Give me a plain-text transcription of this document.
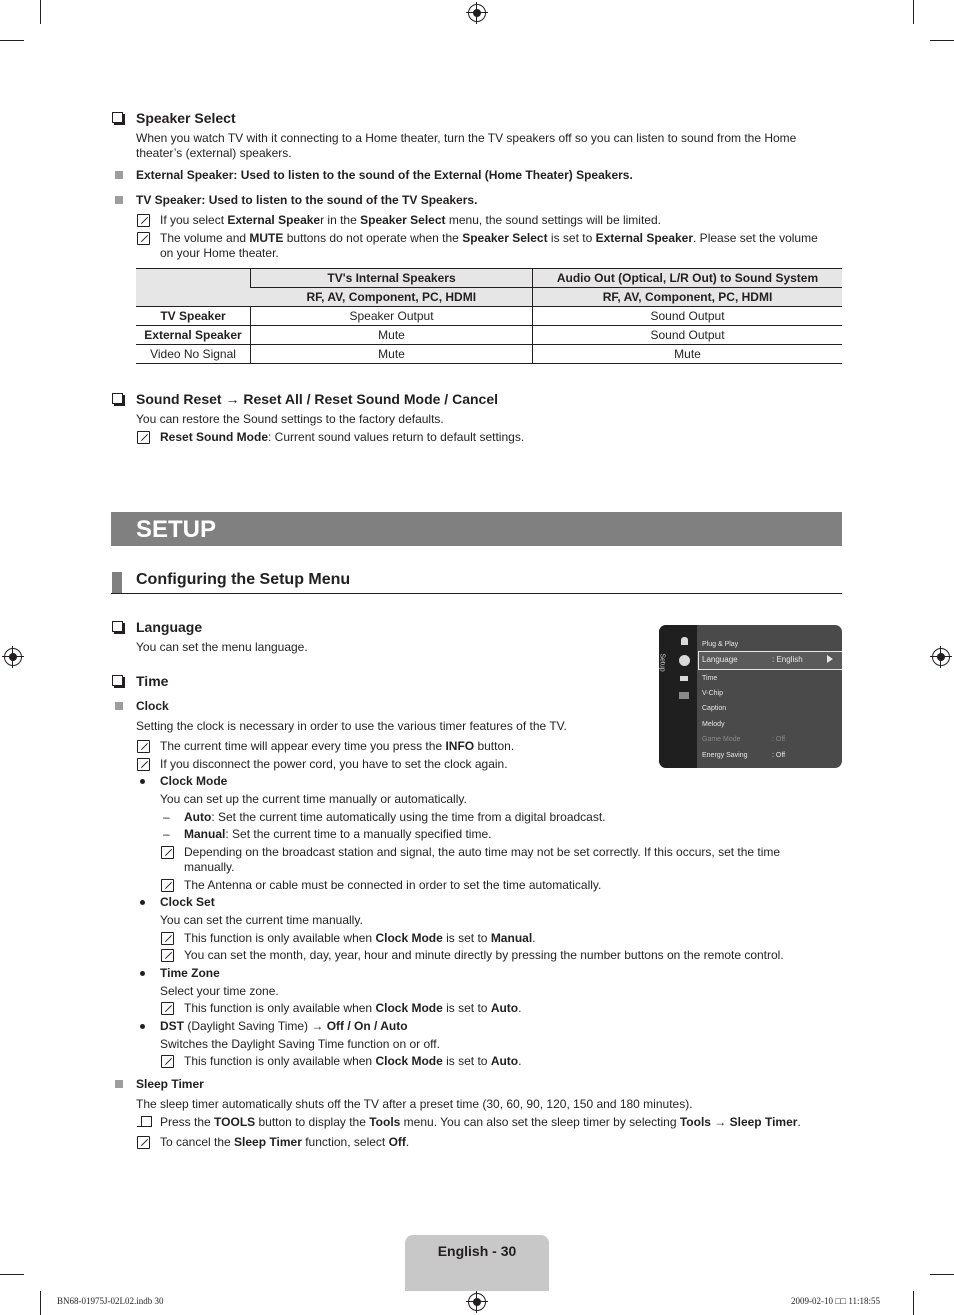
Speaker Select
When you watch TV with it connecting to a Home theater, turn the TV speakers off so you can listen to sound from the Home
theater’s (external) speakers.
External Speaker: Used to listen to the sound of the External (Home Theater) Speakers.
TV Speaker: Used to listen to the sound of the TV Speakers.
If you select External Speaker in the Speaker Select menu, the sound settings will be limited.
The volume and MUTE buttons do not operate when the Speaker Select is set to External Speaker. Please set the volume
on your Home theater.
	TV's Internal Speakers	Audio Out (Optical, L/R Out) to Sound System
	RF, AV, Component, PC, HDMI	RF, AV, Component, PC, HDMI
TV Speaker	Speaker Output	Sound Output
External Speaker	Mute	Sound Output
Video No Signal	Mute	Mute
Sound Reset → Reset All / Reset Sound Mode / Cancel
You can restore the Sound settings to the factory defaults.
Reset Sound Mode: Current sound values return to default settings.
SETUP
Configuring the Setup Menu
Language
You can set the menu language.
Setup
Plug & Play
Language	: English
Time
V-Chip
Caption
Melody
Game Mode	: Off
Energy Saving	: Off
Time
Clock
Setting the clock is necessary in order to use the various timer features of the TV.
The current time will appear every time you press the INFO button.
If you disconnect the power cord, you have to set the clock again.
Clock Mode
You can set up the current time manually or automatically.
– Auto: Set the current time automatically using the time from a digital broadcast.
– Manual: Set the current time to a manually specified time.
Depending on the broadcast station and signal, the auto time may not be set correctly. If this occurs, set the time
manually.
The Antenna or cable must be connected in order to set the time automatically.
Clock Set
You can set the current time manually.
This function is only available when Clock Mode is set to Manual.
You can set the month, day, year, hour and minute directly by pressing the number buttons on the remote control.
Time Zone
Select your time zone.
This function is only available when Clock Mode is set to Auto.
DST (Daylight Saving Time) → Off / On / Auto
Switches the Daylight Saving Time function on or off.
This function is only available when Clock Mode is set to Auto.
Sleep Timer
The sleep timer automatically shuts off the TV after a preset time (30, 60, 90, 120, 150 and 180 minutes).
Press the TOOLS button to display the Tools menu. You can also set the sleep timer by selecting Tools → Sleep Timer.
To cancel the Sleep Timer function, select Off.
English - 30
BN68-01975J-02L02.indb 30	2009-02-10 □□ 11:18:55
